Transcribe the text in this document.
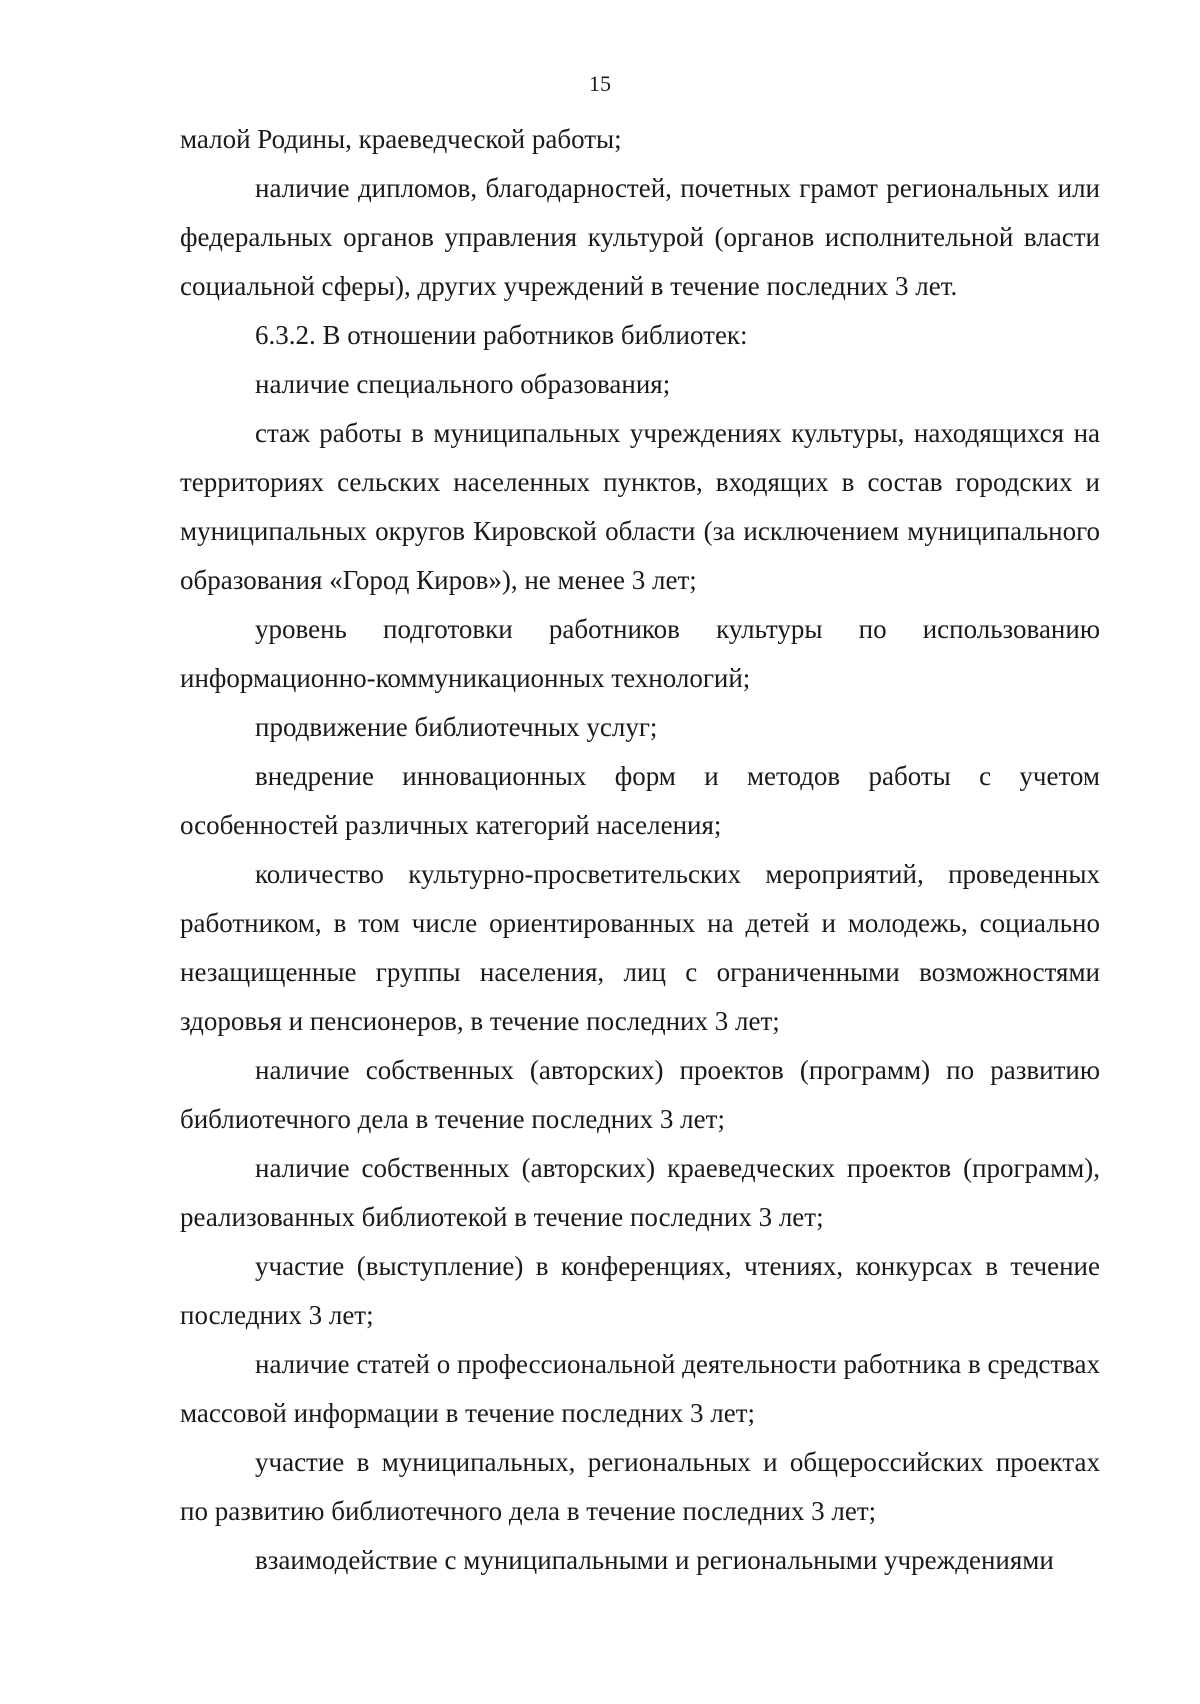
15

малой Родины, краеведческой работы;

наличие дипломов, благодарностей, почетных грамот региональных или федеральных органов управления культурой (органов исполнительной власти социальной сферы), других учреждений в течение последних 3 лет.

6.3.2. В отношении работников библиотек:

наличие специального образования;

стаж работы в муниципальных учреждениях культуры, находящихся на территориях сельских населенных пунктов, входящих в состав городских и муниципальных округов Кировской области (за исключением муниципального образования «Город Киров»), не менее 3 лет;

уровень подготовки работников культуры по использованию информационно-коммуникационных технологий;

продвижение библиотечных услуг;

внедрение инновационных форм и методов работы с учетом особенностей различных категорий населения;

количество культурно-просветительских мероприятий, проведенных работником, в том числе ориентированных на детей и молодежь, социально незащищенные группы населения, лиц с ограниченными возможностями здоровья и пенсионеров, в течение последних 3 лет;

наличие собственных (авторских) проектов (программ) по развитию библиотечного дела в течение последних 3 лет;

наличие собственных (авторских) краеведческих проектов (программ), реализованных библиотекой в течение последних 3 лет;

участие (выступление) в конференциях, чтениях, конкурсах в течение последних 3 лет;

наличие статей о профессиональной деятельности работника в средствах массовой информации в течение последних 3 лет;

участие в муниципальных, региональных и общероссийских проектах по развитию библиотечного дела в течение последних 3 лет;

взаимодействие с муниципальными и региональными учреждениями
